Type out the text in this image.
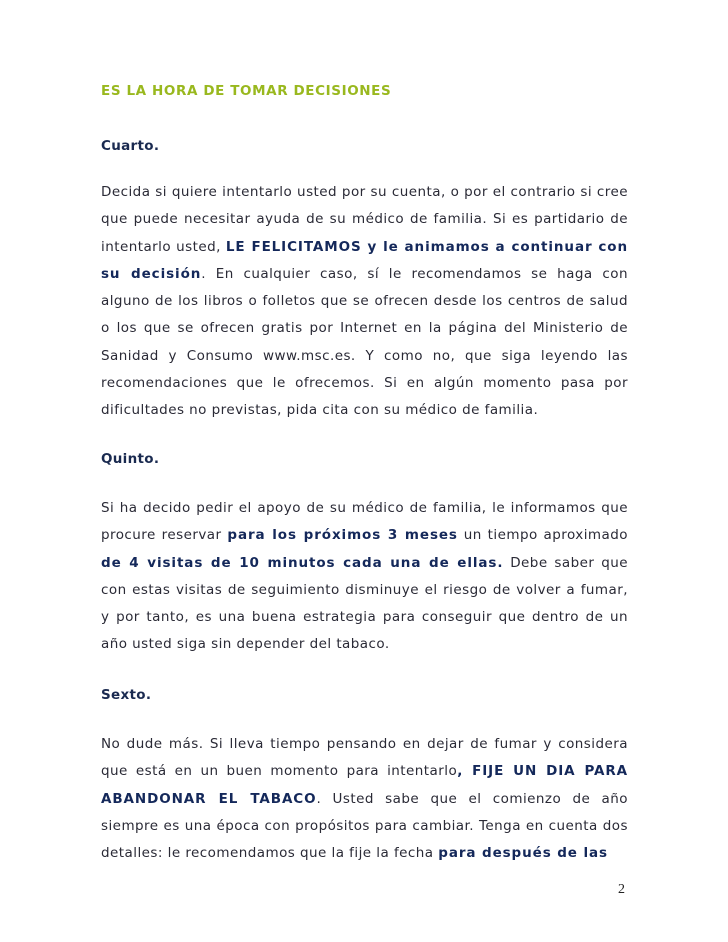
ES LA HORA DE TOMAR DECISIONES
Cuarto.

Decida si quiere intentarlo usted por su cuenta, o por el contrario si cree que puede necesitar ayuda de su médico de familia. Si es partidario de intentarlo usted, LE FELICITAMOS y le animamos a continuar con su decisión. En cualquier caso, sí le recomendamos se haga con alguno de los libros o folletos que se ofrecen desde los centros de salud o los que se ofrecen gratis por Internet en la página del Ministerio de Sanidad y Consumo www.msc.es. Y como no, que siga leyendo las recomendaciones que le ofrecemos. Si en algún momento pasa por dificultades no previstas, pida cita con su médico de familia.

Quinto.

Si ha decido pedir el apoyo de su médico de familia, le informamos que procure reservar para los próximos 3 meses un tiempo aproximado de 4 visitas de 10 minutos cada una de ellas. Debe saber que con estas visitas de seguimiento disminuye el riesgo de volver a fumar, y por tanto, es una buena estrategia para conseguir que dentro de un año usted siga sin depender del tabaco.

Sexto.

No dude más. Si lleva tiempo pensando en dejar de fumar y considera que está en un buen momento para intentarlo, FIJE UN DIA PARA ABANDONAR EL TABACO. Usted sabe que el comienzo de año siempre es una época con propósitos para cambiar. Tenga en cuenta dos detalles: le recomendamos que la fije la fecha para después de las

2
